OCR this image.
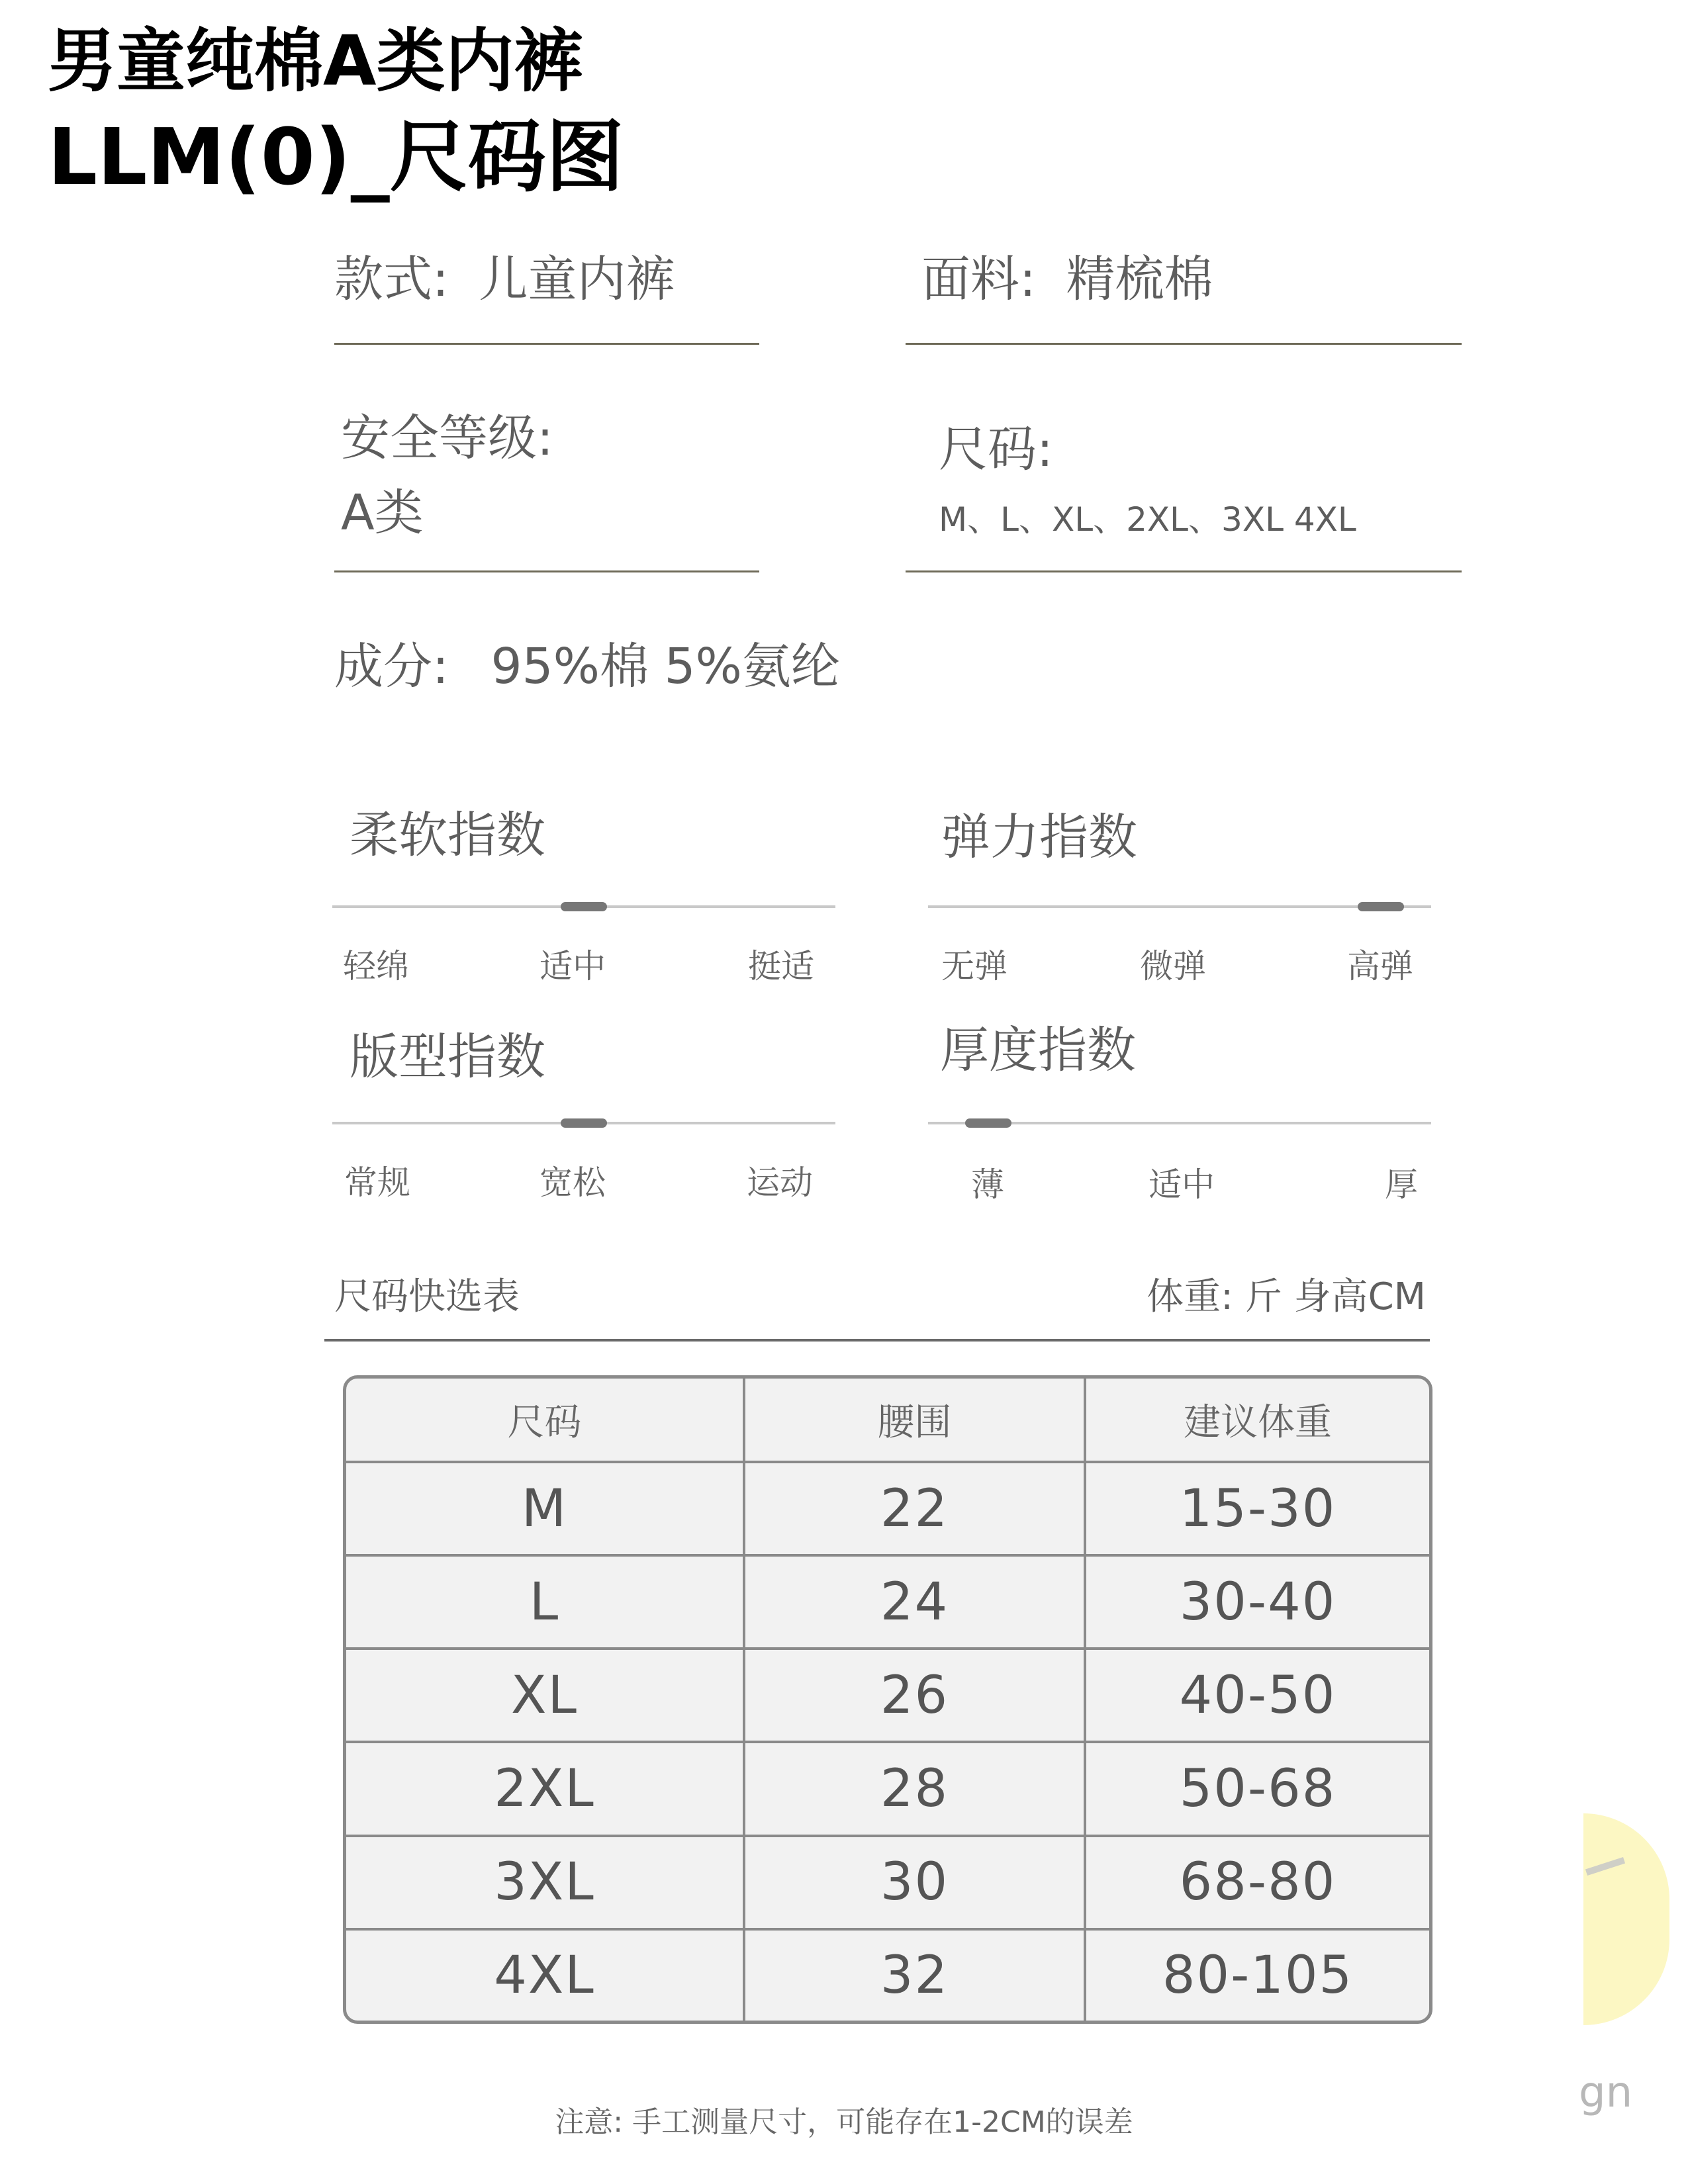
男童纯棉A类内裤
LLM(0)_尺码图
款式: 儿童内裤	面料: 精梳棉
安全等级:
A类
尺码:
M、L、XL、2XL、3XL 4XL
成分: 95%棉 5%氨纶
柔软指数
轻绵	适中	挺适
弹力指数
无弹	微弹	高弹
版型指数
常规	宽松	运动
厚度指数
薄	适中	厚
尺码快选表	体重: 斤 身高CM
尺码	腰围	建议体重
M	22	15-30
L	24	30-40
XL	26	40-50
2XL	28	50-68
3XL	30	68-80
4XL	32	80-105
gn
注意: 手工测量尺寸，可能存在1-2CM的误差
